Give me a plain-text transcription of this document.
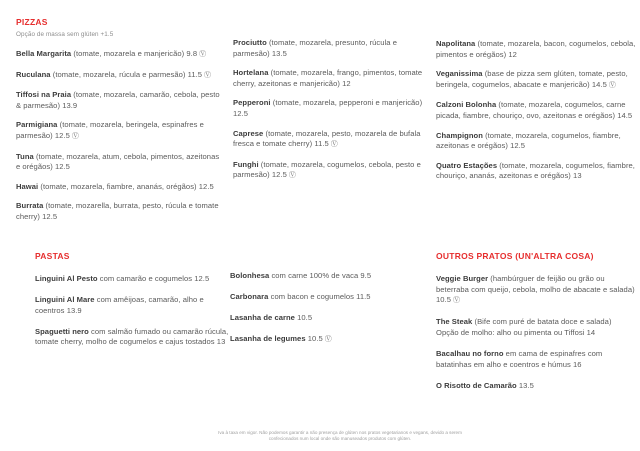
PIZZAS
Opção de massa sem glúten +1.5
Bella Margarita (tomate, mozarela e manjericão) 9.8 Ⓥ
Ruculana (tomate, mozarela, rúcula e parmesão) 11.5 Ⓥ
Tiffosi na Praia (tomate, mozarela, camarão, cebola, pesto & parmesão) 13.9
Parmigiana (tomate, mozarela, beringela, espinafres e parmesão) 12.5 Ⓥ
Tuna (tomate, mozarela, atum, cebola, pimentos, azeitonas e orégãos) 12.5
Hawai (tomate, mozarela, fiambre, ananás, orégãos) 12.5
Burrata (tomate, mozarella, burrata, pesto, rúcula e tomate cherry) 12.5
Prociutto (tomate, mozarela, presunto, rúcula e parmesão) 13.5
Hortelana (tomate, mozarela, frango, pimentos, tomate cherry, azeitonas e manjericão) 12
Pepperoni (tomate, mozarela, pepperoni e manjericão) 12.5
Caprese (tomate, mozarela, pesto, mozarela de bufala fresca e tomate cherry) 11.5 Ⓥ
Funghi (tomate, mozarela, cogumelos, cebola, pesto e parmesão) 12.5 Ⓥ
Napolitana (tomate, mozarela, bacon, cogumelos, cebola, pimentos e orégãos) 12
Veganissima (base de pizza sem glúten, tomate, pesto, beringela, cogumelos, abacate e manjericão) 14.5 Ⓥ
Calzoni Bolonha (tomate, mozarela, cogumelos, carne picada, fiambre, chouriço, ovo, azeitonas e orégãos) 14.5
Champignon (tomate, mozarela, cogumelos, fiambre, azeitonas e orégãos) 12.5
Quatro Estações (tomate, mozarela, cogumelos, fiambre, chouriço, ananás, azeitonas e orégãos) 13
PASTAS
Linguini Al Pesto com camarão e cogumelos 12.5
Linguini Al Mare com amêijoas, camarão, alho e coentros 13.9
Spaguetti nero com salmão fumado ou camarão rúcula, tomate cherry, molho de cogumelos e cajus tostados 13
Bolonhesa com carne 100% de vaca 9.5
Carbonara com bacon e cogumelos 11.5
Lasanha de carne 10.5
Lasanha de legumes 10.5 Ⓥ
OUTROS PRATOS (UN'ALTRA COSA)
Veggie Burger (hambúrguer de feijão ou grão ou beterraba com queijo, cebola, molho de abacate e salada) 10.5 Ⓥ
The Steak (Bife com puré de batata doce e salada) Opção de molho: alho ou pimenta ou Tiffosi 14
Bacalhau no forno em cama de espinafres com batatinhas em alho e coentros e húmus 16
O Risotto de Camarão 13.5
Iva à taxa em vigor. Não podemos garantir a não presença de glúten nos pratos vegetarianos e vegans, devido a serem
confecionados num local onde são manuseados produtos com glúten.
